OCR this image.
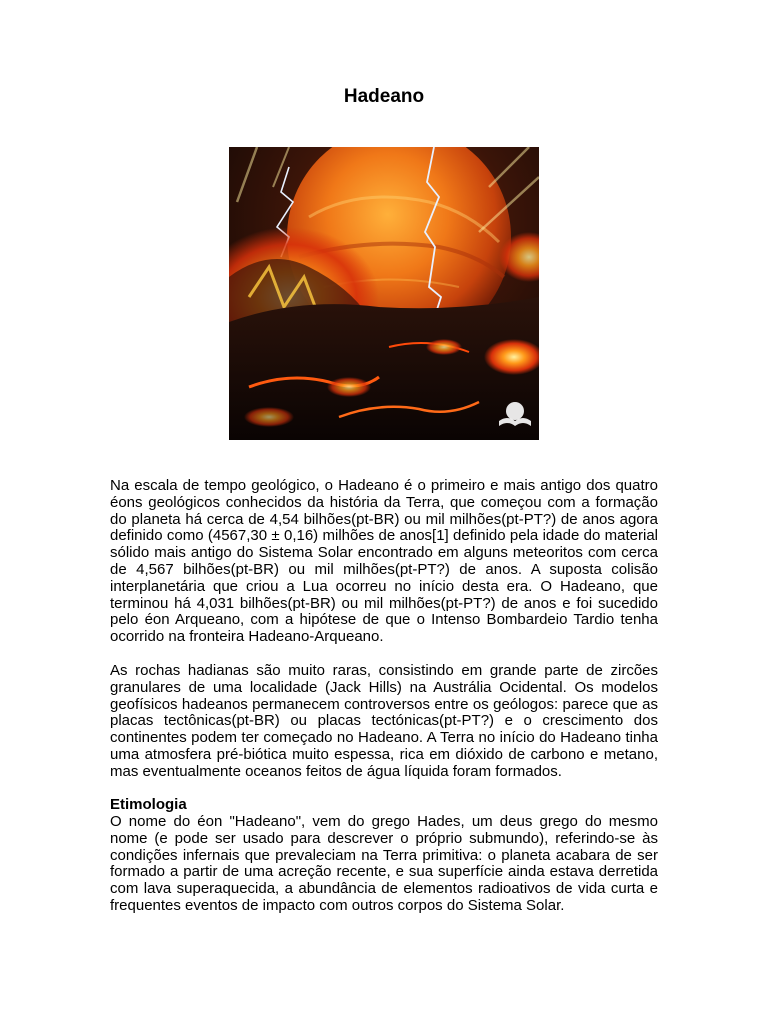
Hadeano

Na escala de tempo geológico, o Hadeano é o primeiro e mais antigo dos quatro éons geológicos conhecidos da história da Terra, que começou com a formação do planeta há cerca de 4,54 bilhões(pt-BR) ou mil milhões(pt-PT?) de anos agora definido como (4567,30 ± 0,16) milhões de anos[1] definido pela idade do material sólido mais antigo do Sistema Solar encontrado em alguns meteoritos com cerca de 4,567 bilhões(pt-BR) ou mil milhões(pt-PT?) de anos. A suposta colisão interplanetária que criou a Lua ocorreu no início desta era. O Hadeano, que terminou há 4,031 bilhões(pt-BR) ou mil milhões(pt-PT?) de anos e foi sucedido pelo éon Arqueano, com a hipótese de que o Intenso Bombardeio Tardio tenha ocorrido na fronteira Hadeano-Arqueano.

As rochas hadianas são muito raras, consistindo em grande parte de zircões granulares de uma localidade (Jack Hills) na Austrália Ocidental. Os modelos geofísicos hadeanos permanecem controversos entre os geólogos: parece que as placas tectônicas(pt-BR) ou placas tectónicas(pt-PT?) e o crescimento dos continentes podem ter começado no Hadeano. A Terra no início do Hadeano tinha uma atmosfera pré-biótica muito espessa, rica em dióxido de carbono e metano, mas eventualmente oceanos feitos de água líquida foram formados.

Etimologia

O nome do éon "Hadeano", vem do grego Hades, um deus grego do mesmo nome (e pode ser usado para descrever o próprio submundo), referindo-se às condições infernais que prevaleciam na Terra primitiva: o planeta acabara de ser formado a partir de uma acreção recente, e sua superfície ainda estava derretida com lava superaquecida, a abundância de elementos radioativos de vida curta e frequentes eventos de impacto com outros corpos do Sistema Solar.
